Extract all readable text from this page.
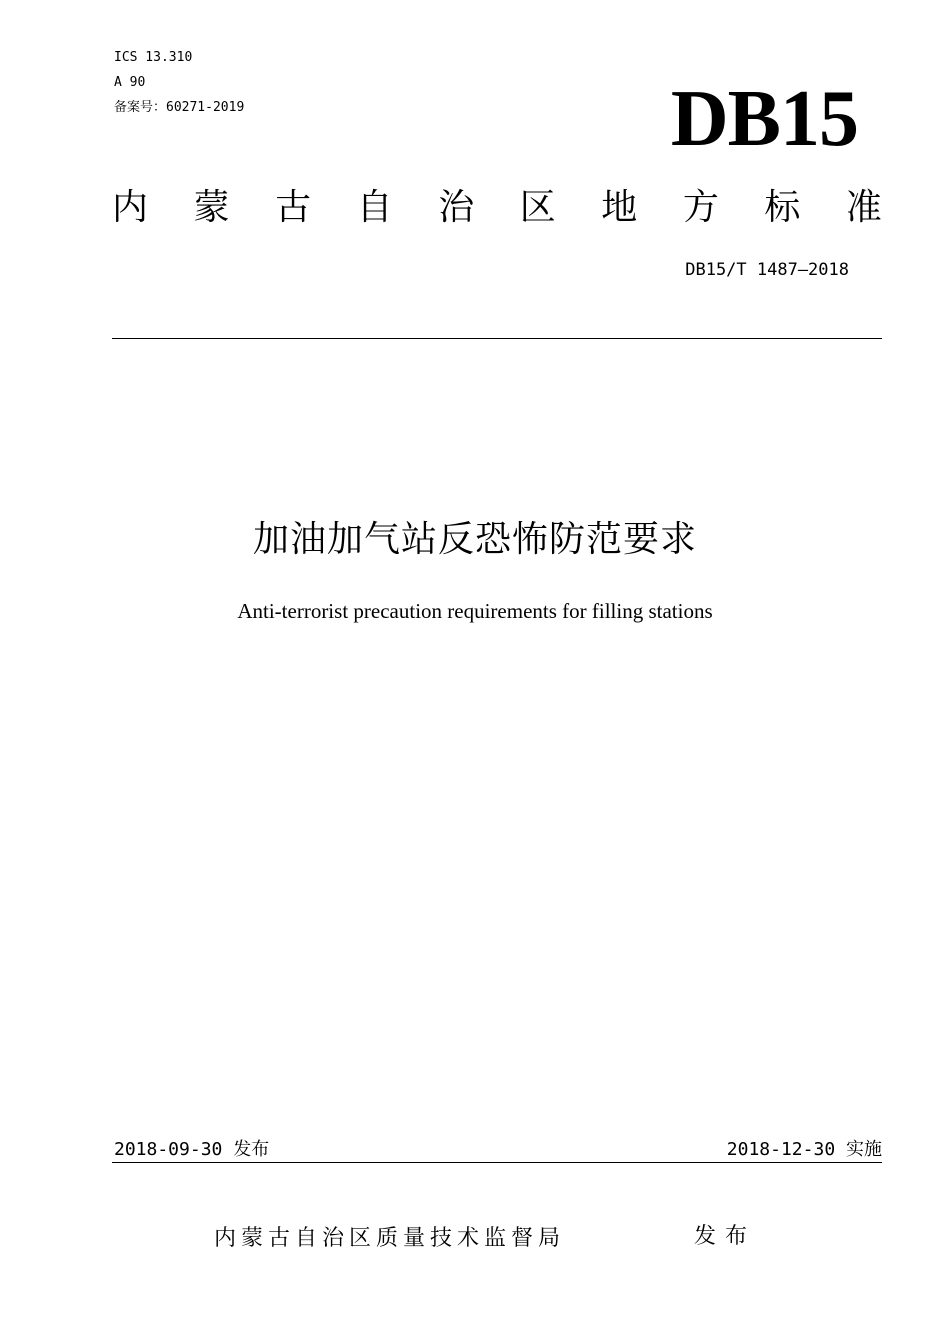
ICS 13.310
A 90
备案号：60271-2019	DB15
内 蒙 古 自 治 区 地 方 标 准
DB15/T 1487—2018
加油加气站反恐怖防范要求
Anti-terrorist precaution requirements for filling stations
2018-09-30 发布	2018-12-30 实施
内蒙古自治区质量技术监督局	发布
